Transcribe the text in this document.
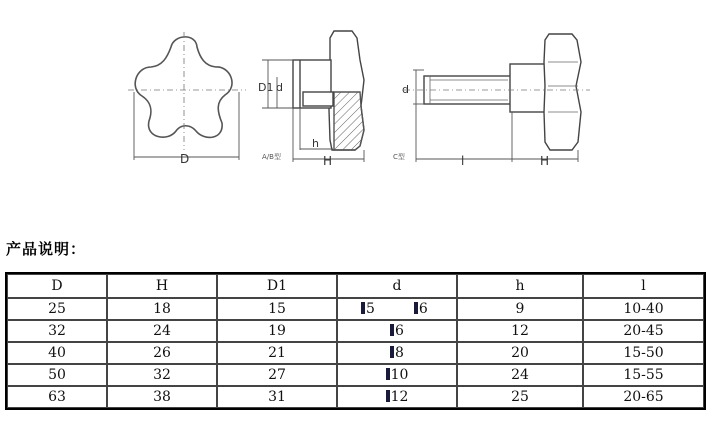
D
D1 d
h
H
A/B型
d
l	H
C型
产品说明：
D	H	D1	d	h	l
25	18	15	5 6	9	10-40
32	24	19	6	12	20-45
40	26	21	8	20	15-50
50	32	27	10	24	15-55
63	38	31	12	25	20-65
